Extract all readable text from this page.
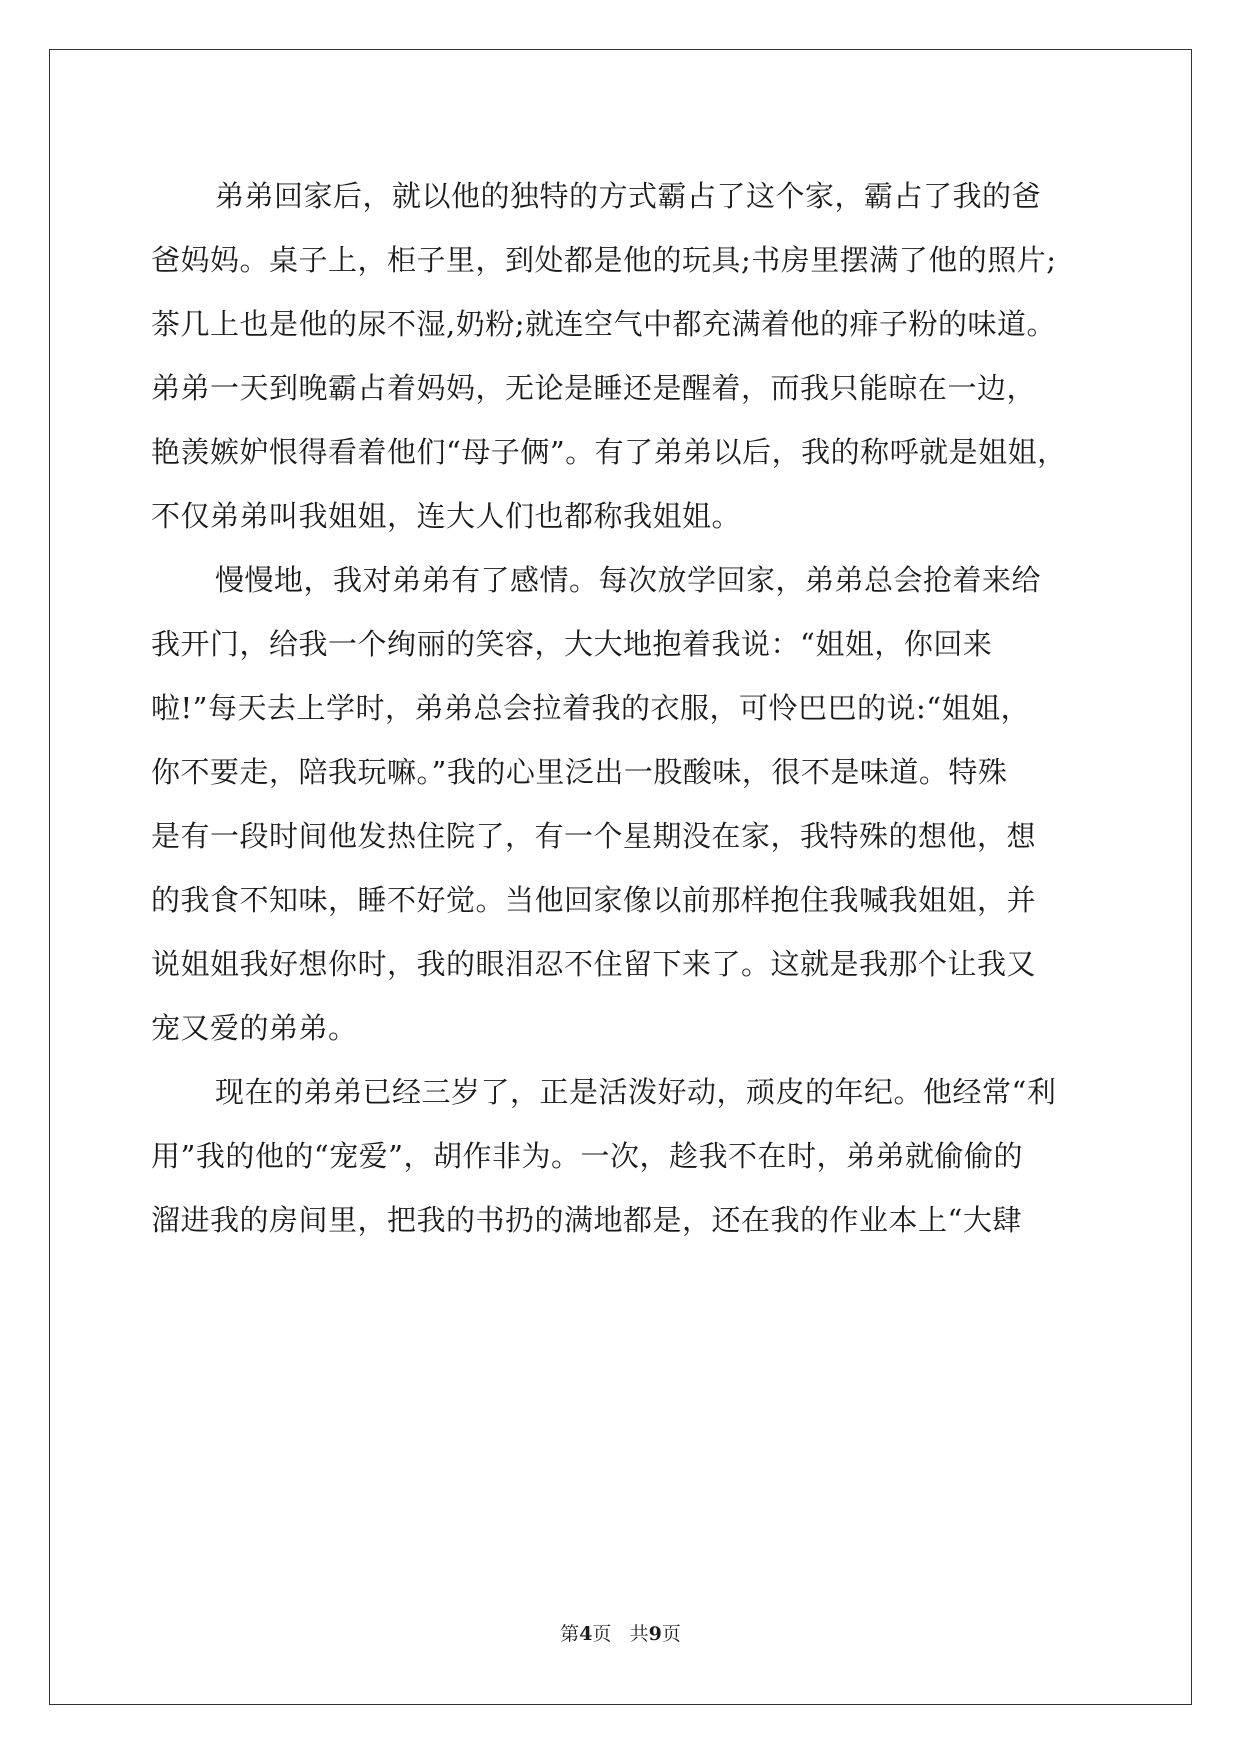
弟弟回家后，就以他的独特的方式霸占了这个家，霸占了我的爸
爸妈妈。桌子上，柜子里，到处都是他的玩具;书房里摆满了他的照片;
茶几上也是他的尿不湿,奶粉;就连空气中都充满着他的痱子粉的味道。
弟弟一天到晚霸占着妈妈，无论是睡还是醒着，而我只能晾在一边，
艳羡嫉妒恨得看着他们“母子俩”。有了弟弟以后，我的称呼就是姐姐，
不仅弟弟叫我姐姐，连大人们也都称我姐姐。
慢慢地，我对弟弟有了感情。每次放学回家，弟弟总会抢着来给
我开门，给我一个绚丽的笑容，大大地抱着我说：“姐姐，你回来
啦!”每天去上学时，弟弟总会拉着我的衣服，可怜巴巴的说:“姐姐，
你不要走，陪我玩嘛。”我的心里泛出一股酸味，很不是味道。特殊
是有一段时间他发热住院了，有一个星期没在家，我特殊的想他，想
的我食不知味，睡不好觉。当他回家像以前那样抱住我喊我姐姐，并
说姐姐我好想你时，我的眼泪忍不住留下来了。这就是我那个让我又
宠又爱的弟弟。
现在的弟弟已经三岁了，正是活泼好动，顽皮的年纪。他经常“利
用”我的他的“宠爱”，胡作非为。一次，趁我不在时，弟弟就偷偷的
溜进我的房间里，把我的书扔的满地都是，还在我的作业本上“大肆
第4页 共9页
